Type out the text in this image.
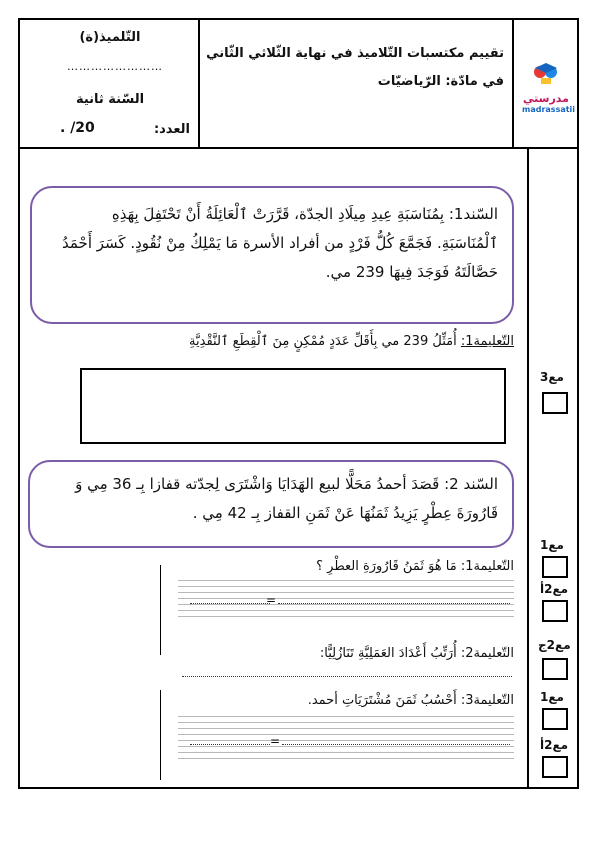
التّلميذ(ة)
……………………
السّنة ثانية
العدد:
. /20
تقييم مكتسبات التّلاميذ في نهاية الثّلاثي الثّاني
في مادّة: الرّياضيّات
مدرستي
madrassatii
السّند1: بِمُنَاسَبَةِ عِيدِ مِيلَادِ الجدّة، قَرَّرَتْ ٱلْعَائِلَةُ أَنْ تَحْتَفِلَ بِهَذِهِ ٱلْمُنَاسَبَةِ. فَجَمَّعَ كُلُّ فَرْدٍ من أفراد الأسرة مَا يَمْلِكُ مِنْ نُقُودٍ. كَسَرَ أَحْمَدُ حَصَّالَتَهُ فَوَجَدَ فِيهَا 239 مي.
التّعليمة1: أُمَثِّلُ 239 مي بِأَقَلِّ عَدَدٍ مُمْكِنٍ مِنَ ٱلْقِطَعِ ٱلنَّقْدِيَّةِ
السّند 2: قَصَدَ أحمدُ مَحَلًّا لبيع الهَدَايَا وَاشْتَرَى لِجدّته قفازا بِـ 36 مِي وَ قَارُورَةَ عِطْرٍ يَزِيدُ ثَمَنُهَا عَنْ ثَمَنِ القفاز بِـ 42 مِي .
التّعليمة1: مَا هُوَ ثَمَنُ قَارُورَةِ العطْرِ ؟
=
التّعليمة2: أُرَتِّبُ أَعْدَادَ العَمَلِيَّةِ تَنَازُلِيًّا:
التّعليمة3: أَحْسُبُ ثَمَنَ مُشْتَرَيَاتِ أحمد.
=
مع3
مع1
مع2أ
مع2ج
مع1
مع2أ
